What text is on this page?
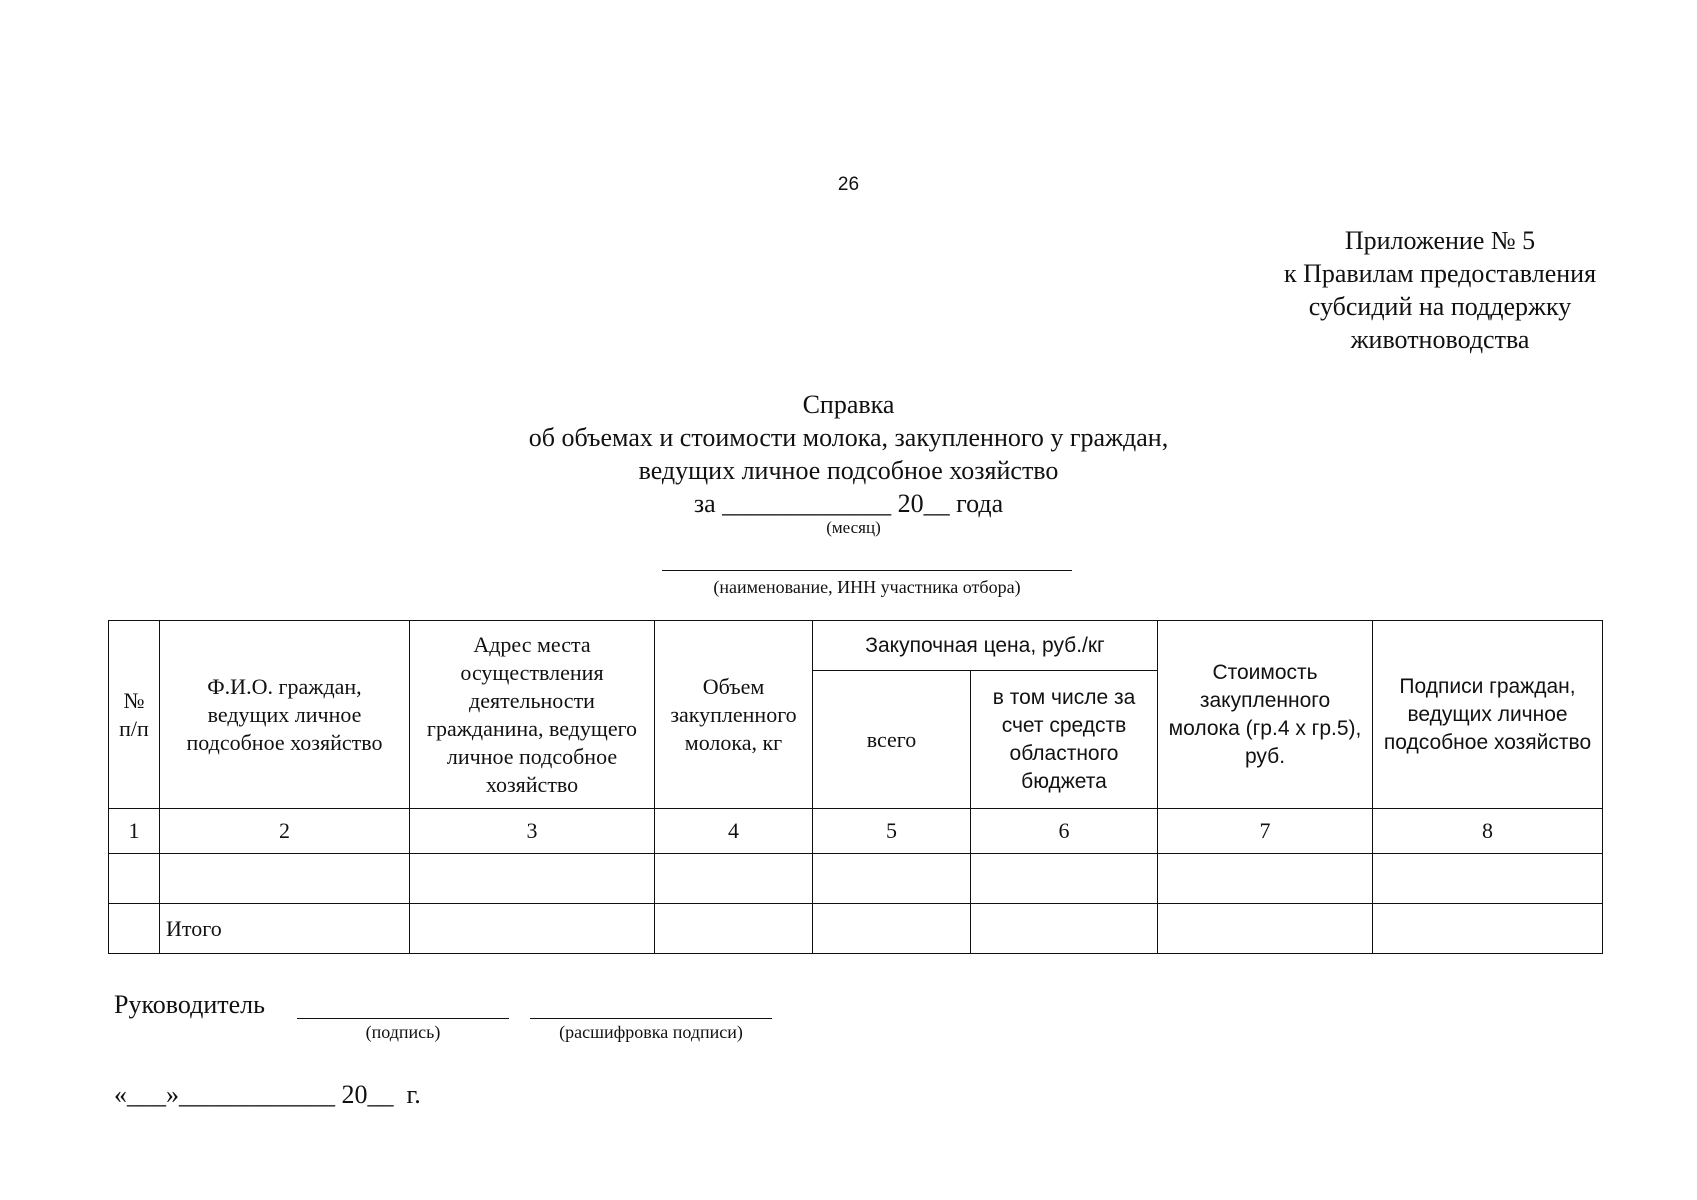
26
Приложение № 5
к Правилам предоставления
субсидий на поддержку
животноводства
Справка
об объемах и стоимости молока, закупленного у граждан,
ведущих личное подсобное хозяйство
за _____________ 20__ года
(месяц)
(наименование, ИНН участника отбора)
№ п/п	Ф.И.О. граждан, ведущих личное подсобное хозяйство	Адрес места осуществления деятельности гражданина, ведущего личное подсобное хозяйство	Объем закупленного молока, кг	Закупочная цена, руб./кг		Стоимость закупленного молока (гр.4 х гр.5), руб.	Подписи граждан, ведущих личное подсобное хозяйство
				всего	в том числе за счет средств областного бюджета		
1	2	3	4	5	6	7	8

	Итого						
Руководитель
(подпись)	(расшифровка подписи)
«___»____________ 20__  г.
